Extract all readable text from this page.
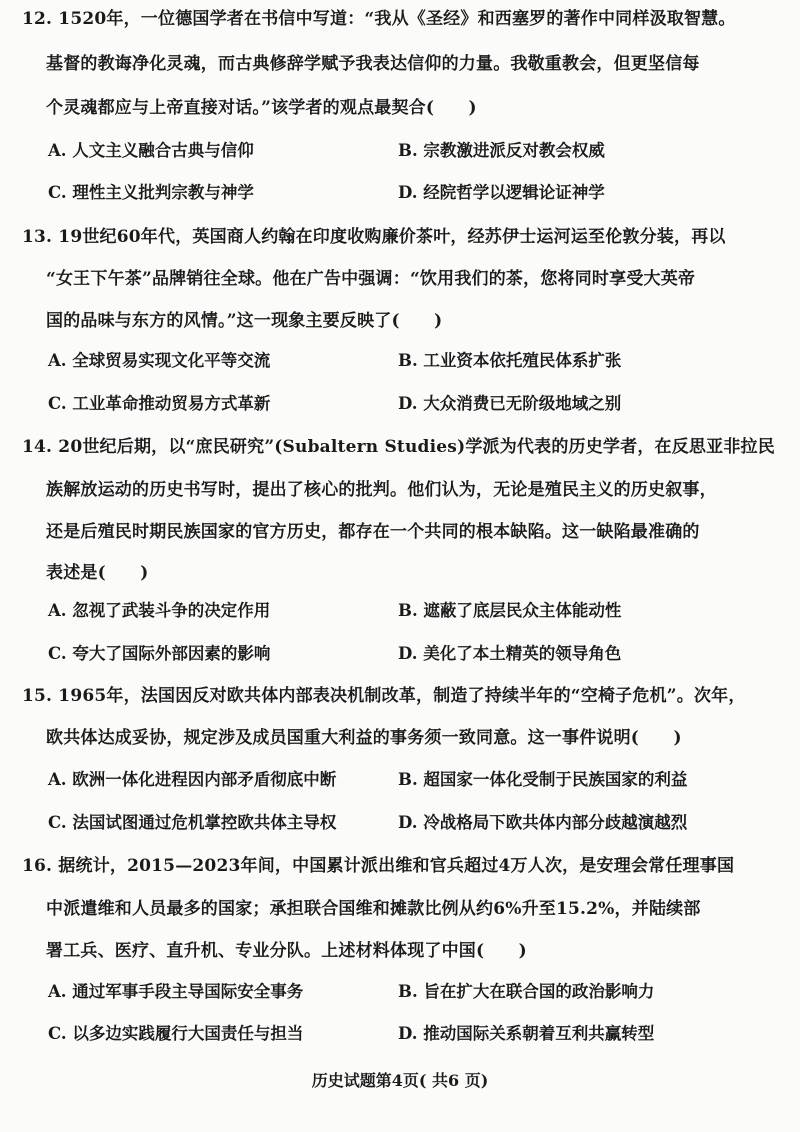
12. 1520年，一位德国学者在书信中写道：“我从《圣经》和西塞罗的著作中同样汲取智慧。
基督的教诲净化灵魂，而古典修辞学赋予我表达信仰的力量。我敬重教会，但更坚信每
个灵魂都应与上帝直接对话。”该学者的观点最契合(　　)
A. 人文主义融合古典与信仰	B. 宗教激进派反对教会权威
C. 理性主义批判宗教与神学	D. 经院哲学以逻辑论证神学
13. 19世纪60年代，英国商人约翰在印度收购廉价茶叶，经苏伊士运河运至伦敦分装，再以
“女王下午茶”品牌销往全球。他在广告中强调：“饮用我们的茶，您将同时享受大英帝
国的品味与东方的风情。”这一现象主要反映了(　　)
A. 全球贸易实现文化平等交流	B. 工业资本依托殖民体系扩张
C. 工业革命推动贸易方式革新	D. 大众消费已无阶级地域之别
14. 20世纪后期，以“庶民研究”(Subaltern Studies)学派为代表的历史学者，在反思亚非拉民
族解放运动的历史书写时，提出了核心的批判。他们认为，无论是殖民主义的历史叙事，
还是后殖民时期民族国家的官方历史，都存在一个共同的根本缺陷。这一缺陷最准确的
表述是(　　)
A. 忽视了武装斗争的决定作用	B. 遮蔽了底层民众主体能动性
C. 夸大了国际外部因素的影响	D. 美化了本土精英的领导角色
15. 1965年，法国因反对欧共体内部表决机制改革，制造了持续半年的“空椅子危机”。次年，
欧共体达成妥协，规定涉及成员国重大利益的事务须一致同意。这一事件说明(　　)
A. 欧洲一体化进程因内部矛盾彻底中断	B. 超国家一体化受制于民族国家的利益
C. 法国试图通过危机掌控欧共体主导权	D. 冷战格局下欧共体内部分歧越演越烈
16. 据统计，2015—2023年间，中国累计派出维和官兵超过4万人次，是安理会常任理事国
中派遣维和人员最多的国家；承担联合国维和摊款比例从约6%升至15.2%，并陆续部
署工兵、医疗、直升机、专业分队。上述材料体现了中国(　　)
A. 通过军事手段主导国际安全事务	B. 旨在扩大在联合国的政治影响力
C. 以多边实践履行大国责任与担当	D. 推动国际关系朝着互利共赢转型
历史试题第4页( 共6 页)
